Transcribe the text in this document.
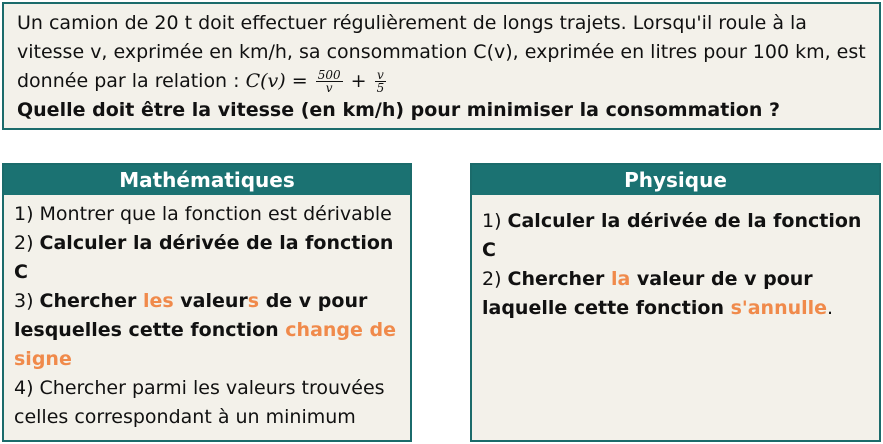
Un camion de 20 t doit effectuer régulièrement de longs trajets. Lorsqu'il roule à la
vitesse v, exprimée en km/h, sa consommation C(v), exprimée en litres pour 100 km, est
donnée par la relation : $C(v) = \frac{500}{v} + \frac{v}{5}$
Quelle doit être la vitesse (en km/h) pour minimiser la consommation ?
Mathématiques
1) Montrer que la fonction est dérivable
2) Calculer la dérivée de la fonction
C
3) Chercher les valeurs de v pour
lesquelles cette fonction change de
signe
4) Chercher parmi les valeurs trouvées
celles correspondant à un minimum
Physique
1) Calculer la dérivée de la fonction
C
2) Chercher la valeur de v pour
laquelle cette fonction s'annulle.
